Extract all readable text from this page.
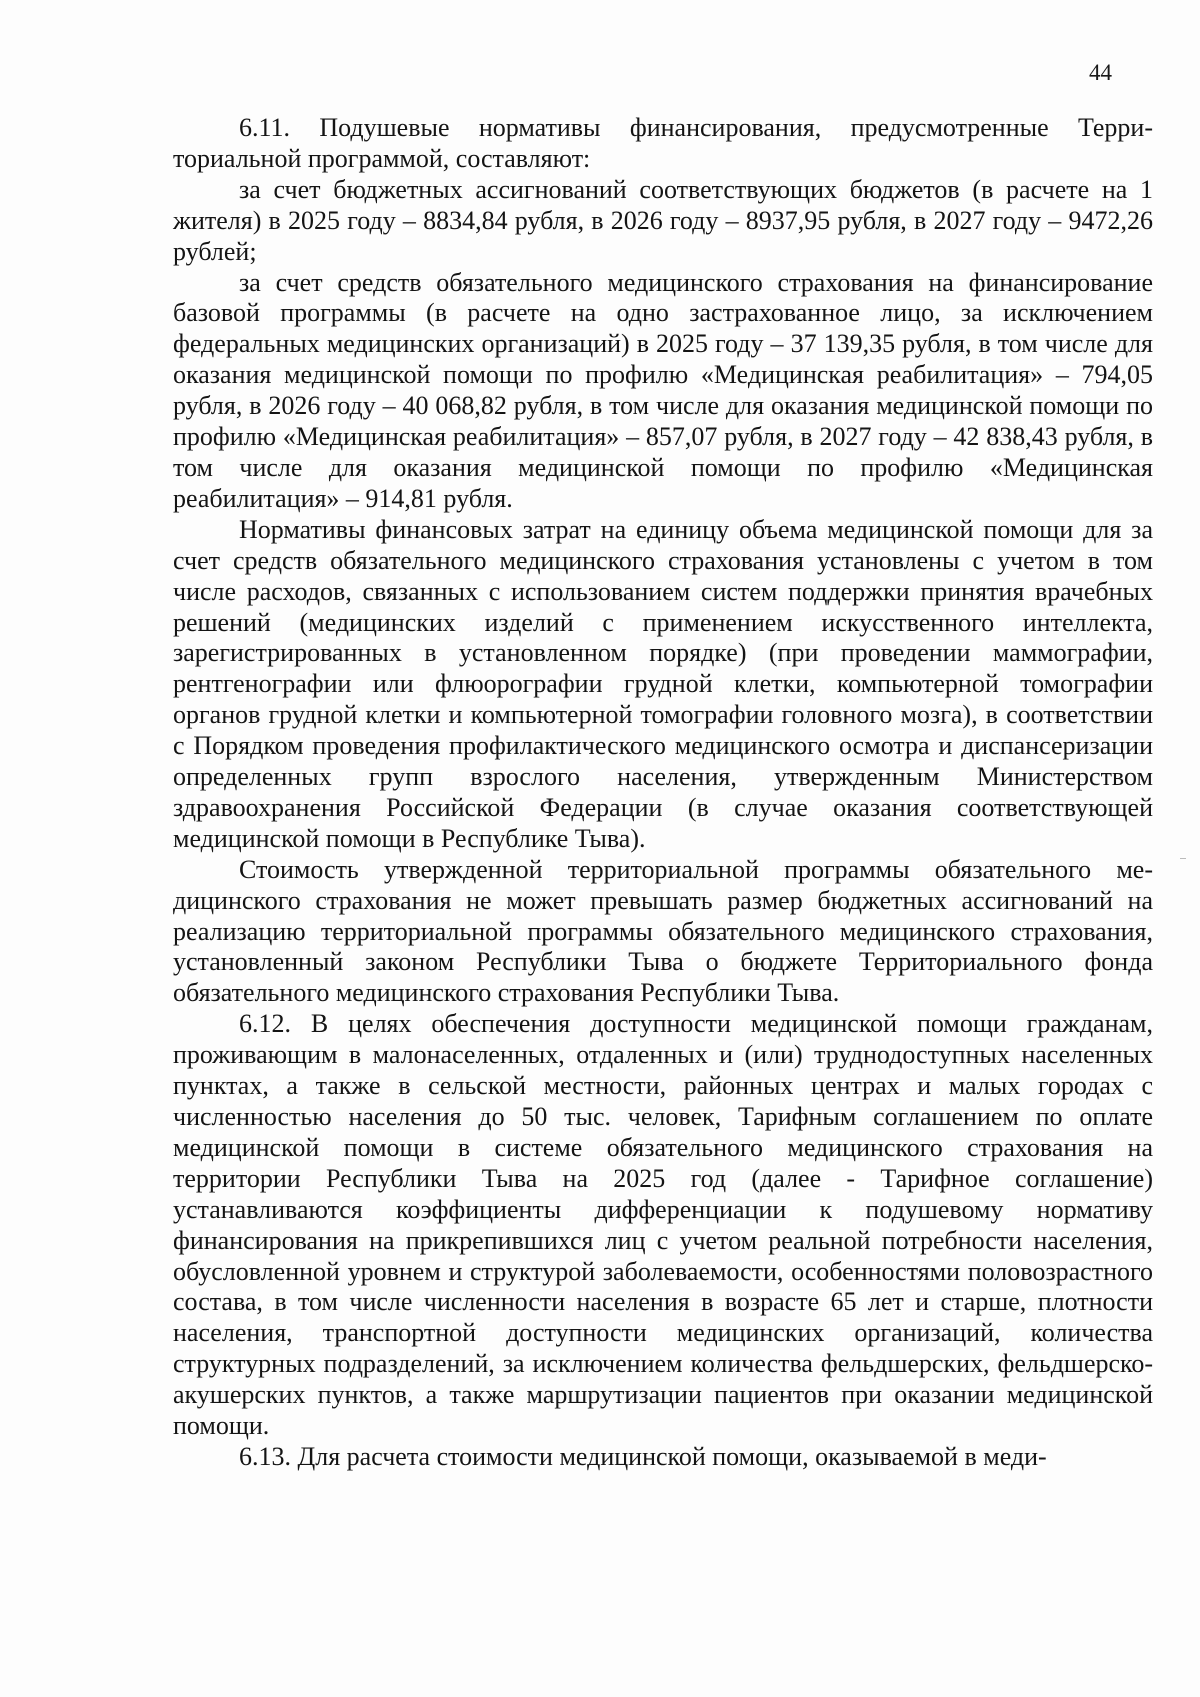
44

6.11. Подушевые нормативы финансирования, предусмотренные Территориальной программой, составляют:

за счет бюджетных ассигнований соответствующих бюджетов (в расчете на 1 жителя) в 2025 году – 8834,84 рубля, в 2026 году – 8937,95 рубля, в 2027 году – 9472,26 рублей;

за счет средств обязательного медицинского страхования на финансирование базовой программы (в расчете на одно застрахованное лицо, за исключением федеральных медицинских организаций) в 2025 году – 37 139,35 рубля, в том числе для оказания медицинской помощи по профилю «Медицинская реабилитация» – 794,05 рубля, в 2026 году – 40 068,82 рубля, в том числе для оказания медицинской помощи по профилю «Медицинская реабилитация» – 857,07 рубля, в 2027 году – 42 838,43 рубля, в том числе для оказания медицинской помощи по профилю «Медицинская реабилитация» – 914,81 рубля.

Нормативы финансовых затрат на единицу объема медицинской помощи для за счет средств обязательного медицинского страхования установлены с учетом в том числе расходов, связанных с использованием систем поддержки принятия врачебных решений (медицинских изделий с применением искусственного интеллекта, зарегистрированных в установленном порядке) (при проведении маммографии, рентгенографии или флюорографии грудной клетки, компьютерной томографии органов грудной клетки и компьютерной томографии головного мозга), в соответствии с Порядком проведения профилактического медицинского осмотра и диспансеризации определенных групп взрослого населения, утвержденным Министерством здравоохранения Российской Федерации (в случае оказания соответствующей медицинской помощи в Республике Тыва).

Стоимость утвержденной территориальной программы обязательного медицинского страхования не может превышать размер бюджетных ассигнований на реализацию территориальной программы обязательного медицинского страхования, установленный законом Республики Тыва о бюджете Территориального фонда обязательного медицинского страхования Республики Тыва.

6.12. В целях обеспечения доступности медицинской помощи гражданам, проживающим в малонаселенных, отдаленных и (или) труднодоступных населенных пунктах, а также в сельской местности, районных центрах и малых городах с численностью населения до 50 тыс. человек, Тарифным соглашением по оплате медицинской помощи в системе обязательного медицинского страхования на территории Республики Тыва на 2025 год (далее - Тарифное соглашение) устанавливаются коэффициенты дифференциации к подушевому нормативу финансирования на прикрепившихся лиц с учетом реальной потребности населения, обусловленной уровнем и структурой заболеваемости, особенностями половозрастного состава, в том числе численности населения в возрасте 65 лет и старше, плотности населения, транспортной доступности медицинских организаций, количества структурных подразделений, за исключением количества фельдшерских, фельдшерско-акушерских пунктов, а также маршрутизации пациентов при оказании медицинской помощи.

6.13. Для расчета стоимости медицинской помощи, оказываемой в меди-
